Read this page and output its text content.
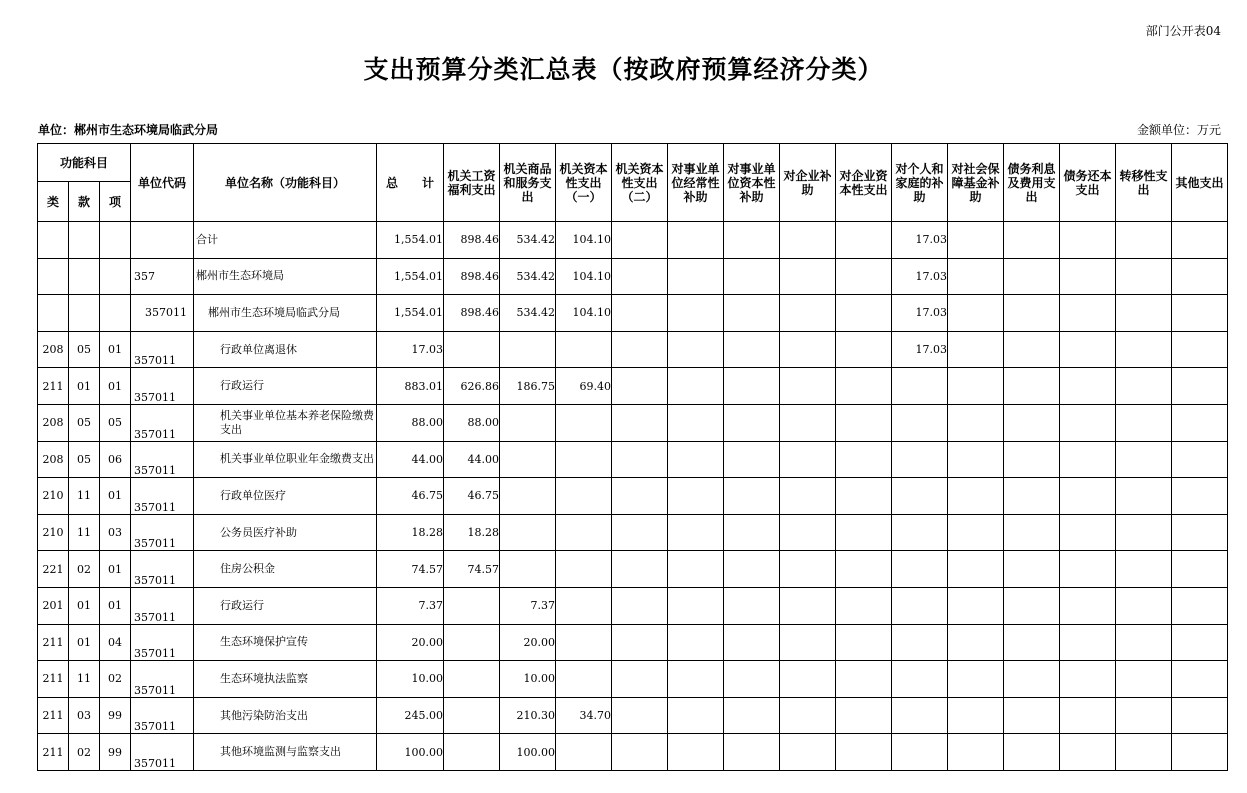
部门公开表04
支出预算分类汇总表（按政府预算经济分类）
单位：郴州市生态环境局临武分局	金额单位：万元
功能科目			单位代码	单位名称（功能科目）	总　　计	机关工资福利支出	机关商品和服务支出	机关资本性支出（一）	机关资本性支出（二）	对事业单位经常性补助	对事业单位资本性补助	对企业补助	对企业资本性支出	对个人和家庭的补助	对社会保障基金补助	债务利息及费用支出	债务还本支出	转移性支出	其他支出
类	款	项																	
				合计	1,554.01	898.46	534.42	104.10						17.03					
			357	郴州市生态环境局	1,554.01	898.46	534.42	104.10						17.03					
			357011	郴州市生态环境局临武分局	1,554.01	898.46	534.42	104.10						17.03					
208	05	01	357011	行政单位离退休	17.03									17.03					
211	01	01	357011	行政运行	883.01	626.86	186.75	69.40											
208	05	05	357011	机关事业单位基本养老保险缴费支出	88.00	88.00													
208	05	06	357011	机关事业单位职业年金缴费支出	44.00	44.00													
210	11	01	357011	行政单位医疗	46.75	46.75													
210	11	03	357011	公务员医疗补助	18.28	18.28													
221	02	01	357011	住房公积金	74.57	74.57													
201	01	01	357011	行政运行	7.37		7.37												
211	01	04	357011	生态环境保护宣传	20.00		20.00												
211	11	02	357011	生态环境执法监察	10.00		10.00												
211	03	99	357011	其他污染防治支出	245.00		210.30	34.70											
211	02	99	357011	其他环境监测与监察支出	100.00		100.00												
